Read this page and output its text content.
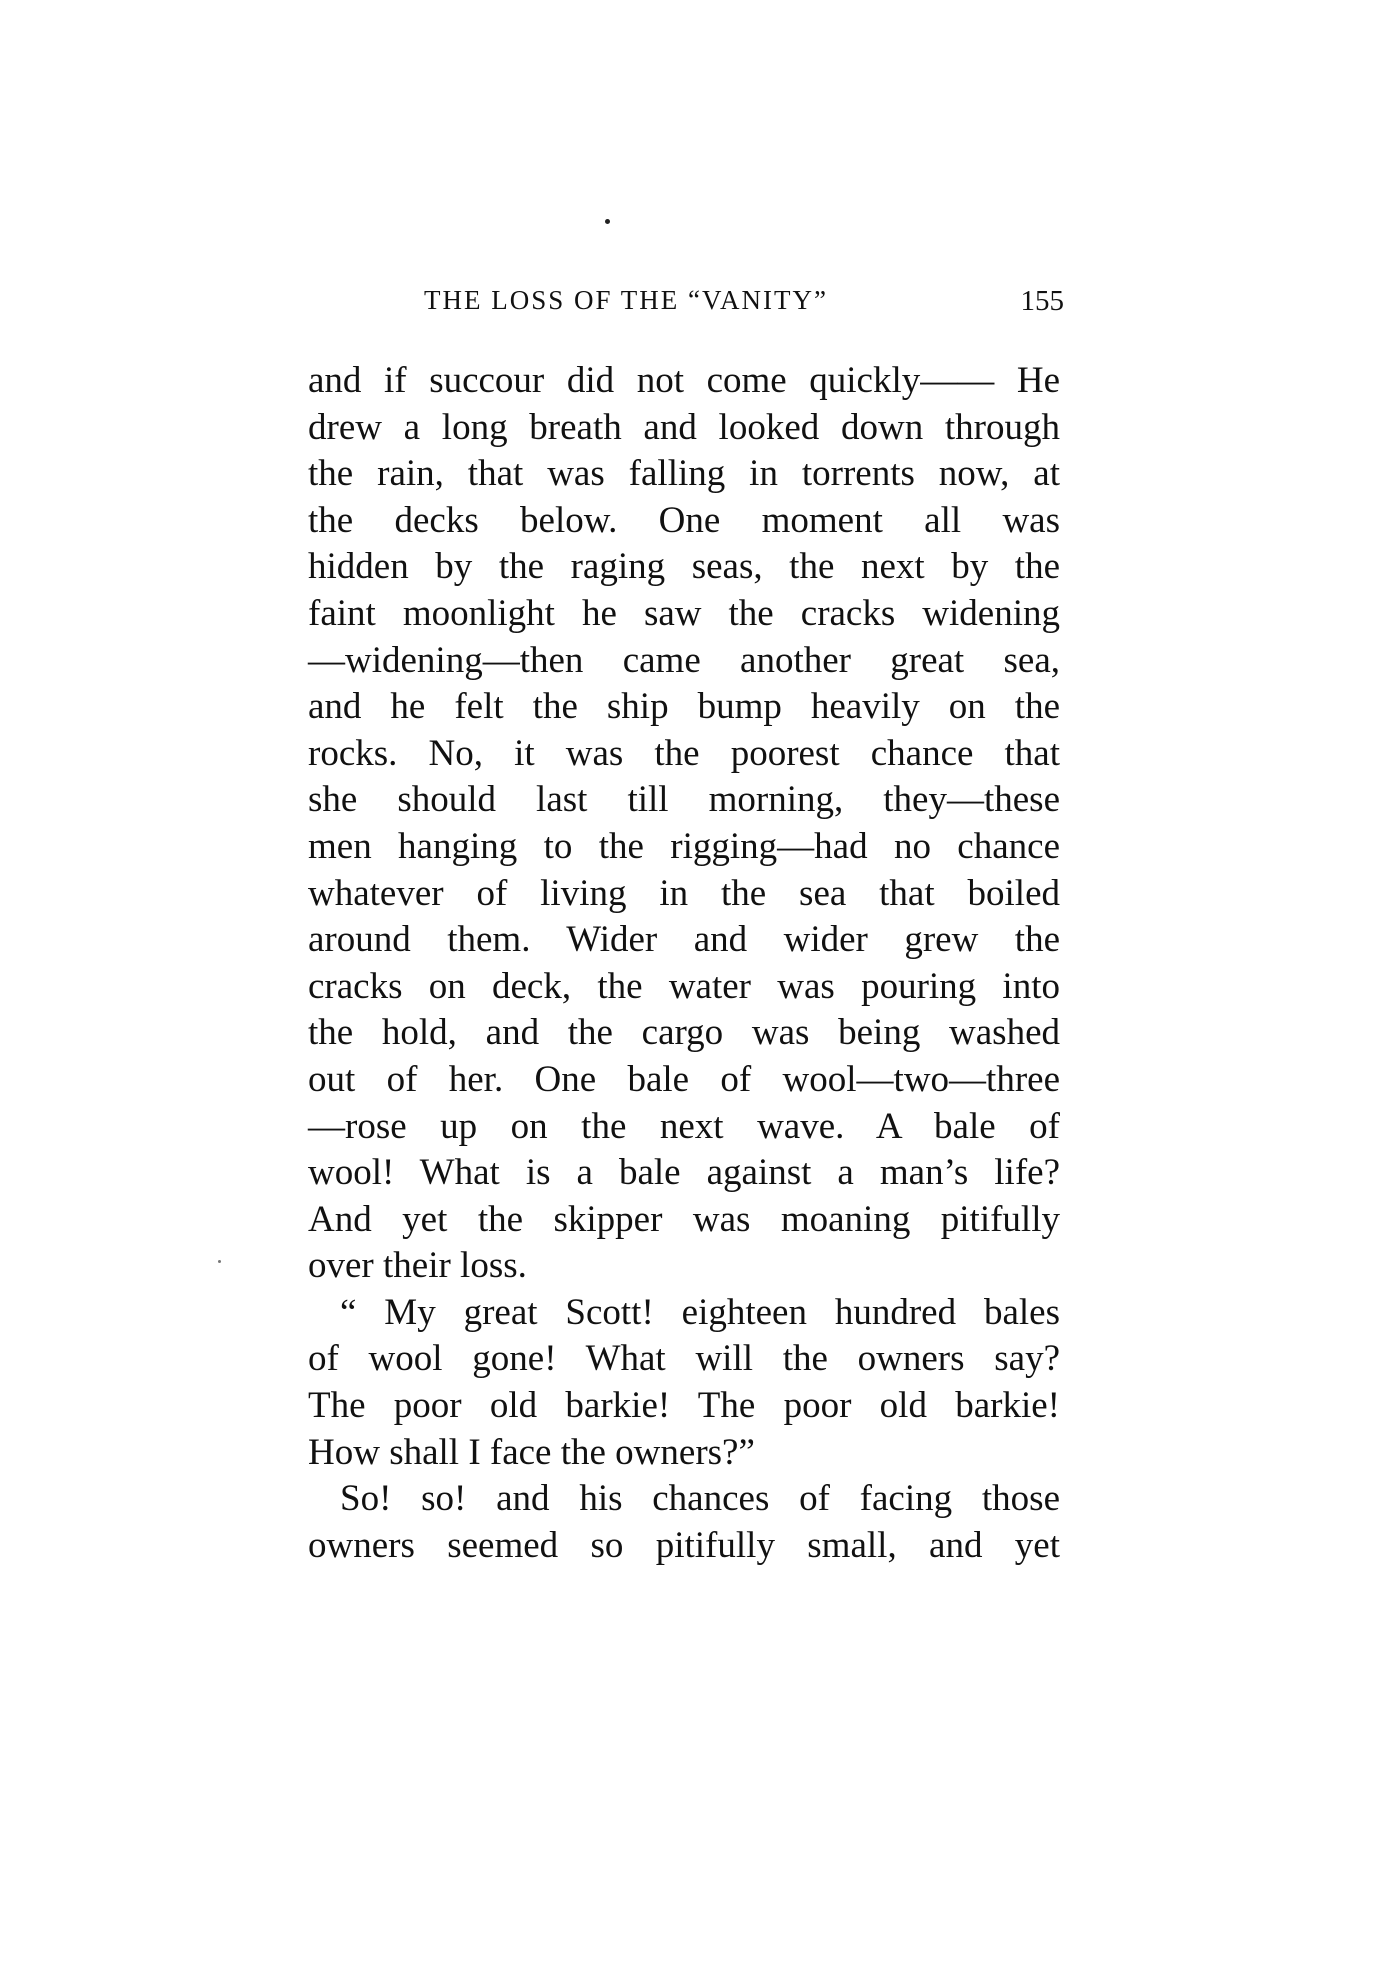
THE LOSS OF THE “VANITY”	155
and if succour did not come quickly—— He
drew a long breath and looked down through
the rain, that was falling in torrents now, at
the decks below. One moment all was
hidden by the raging seas, the next by the
faint moonlight he saw the cracks widening
—widening—then came another great sea,
and he felt the ship bump heavily on the
rocks. No, it was the poorest chance that
she should last till morning, they—these
men hanging to the rigging—had no chance
whatever of living in the sea that boiled
around them. Wider and wider grew the
cracks on deck, the water was pouring into
the hold, and the cargo was being washed
out of her. One bale of wool—two—three
—rose up on the next wave. A bale of
wool! What is a bale against a man’s life?
And yet the skipper was moaning pitifully
over their loss.
“ My great Scott! eighteen hundred bales
of wool gone! What will the owners say?
The poor old barkie! The poor old barkie!
How shall I face the owners?”
So! so! and his chances of facing those
owners seemed so pitifully small, and yet
